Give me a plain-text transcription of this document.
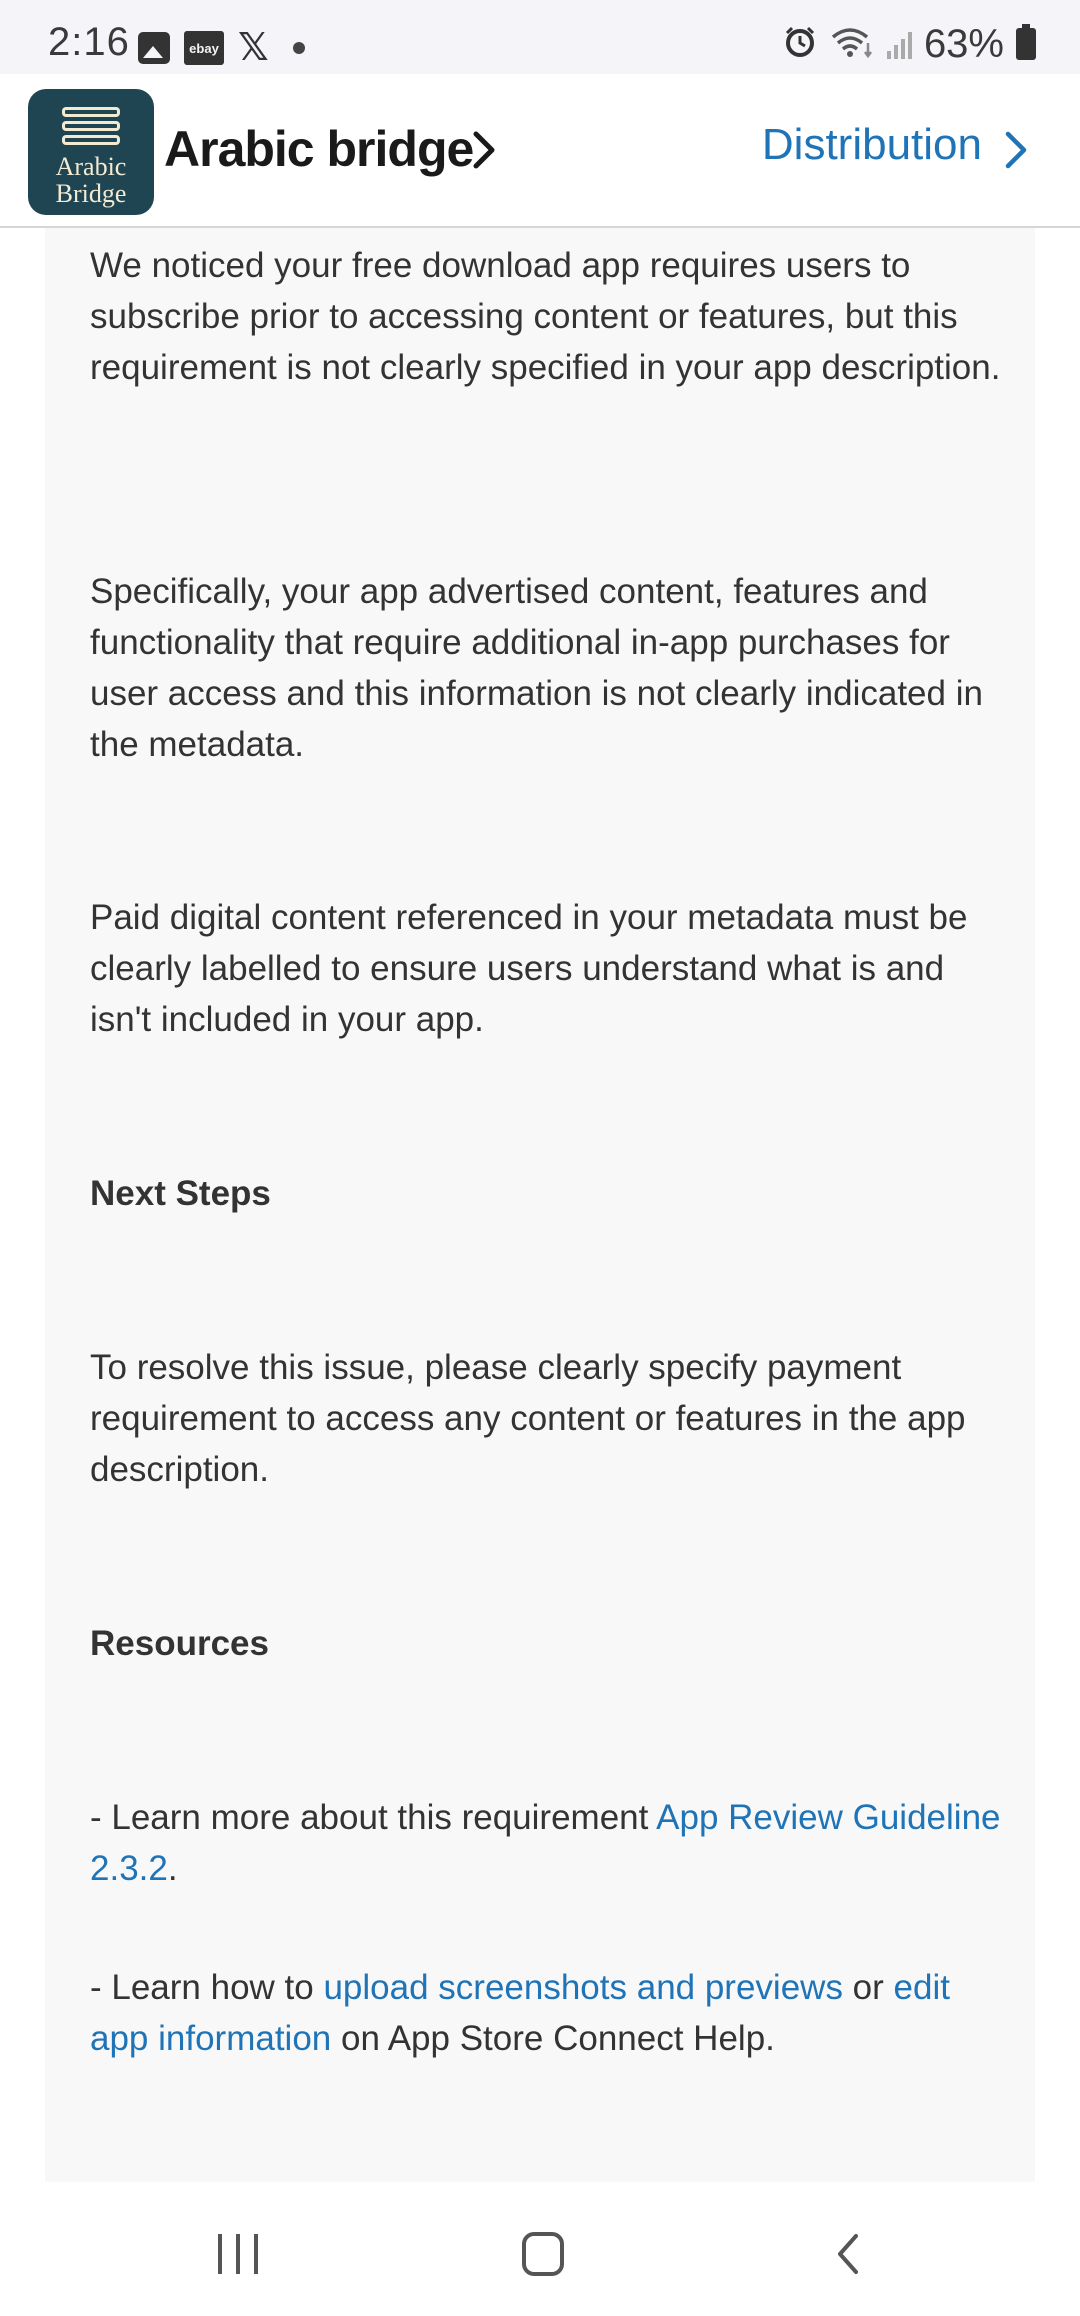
2:16	ebay 𝕏	63%
Arabic
Bridge
Arabic bridge	Distribution
We noticed your free download app requires users to subscribe prior to accessing content or features, but this requirement is not clearly specified in your app description.
Specifically, your app advertised content, features and functionality that require additional in-app purchases for user access and this information is not clearly indicated in the metadata.
Paid digital content referenced in your metadata must be clearly labelled to ensure users understand what is and isn't included in your app.
Next Steps
To resolve this issue, please clearly specify payment requirement to access any content or features in the app description.
Resources
- Learn more about this requirement App Review Guideline 2.3.2.
- Learn how to upload screenshots and previews or edit app information on App Store Connect Help.
